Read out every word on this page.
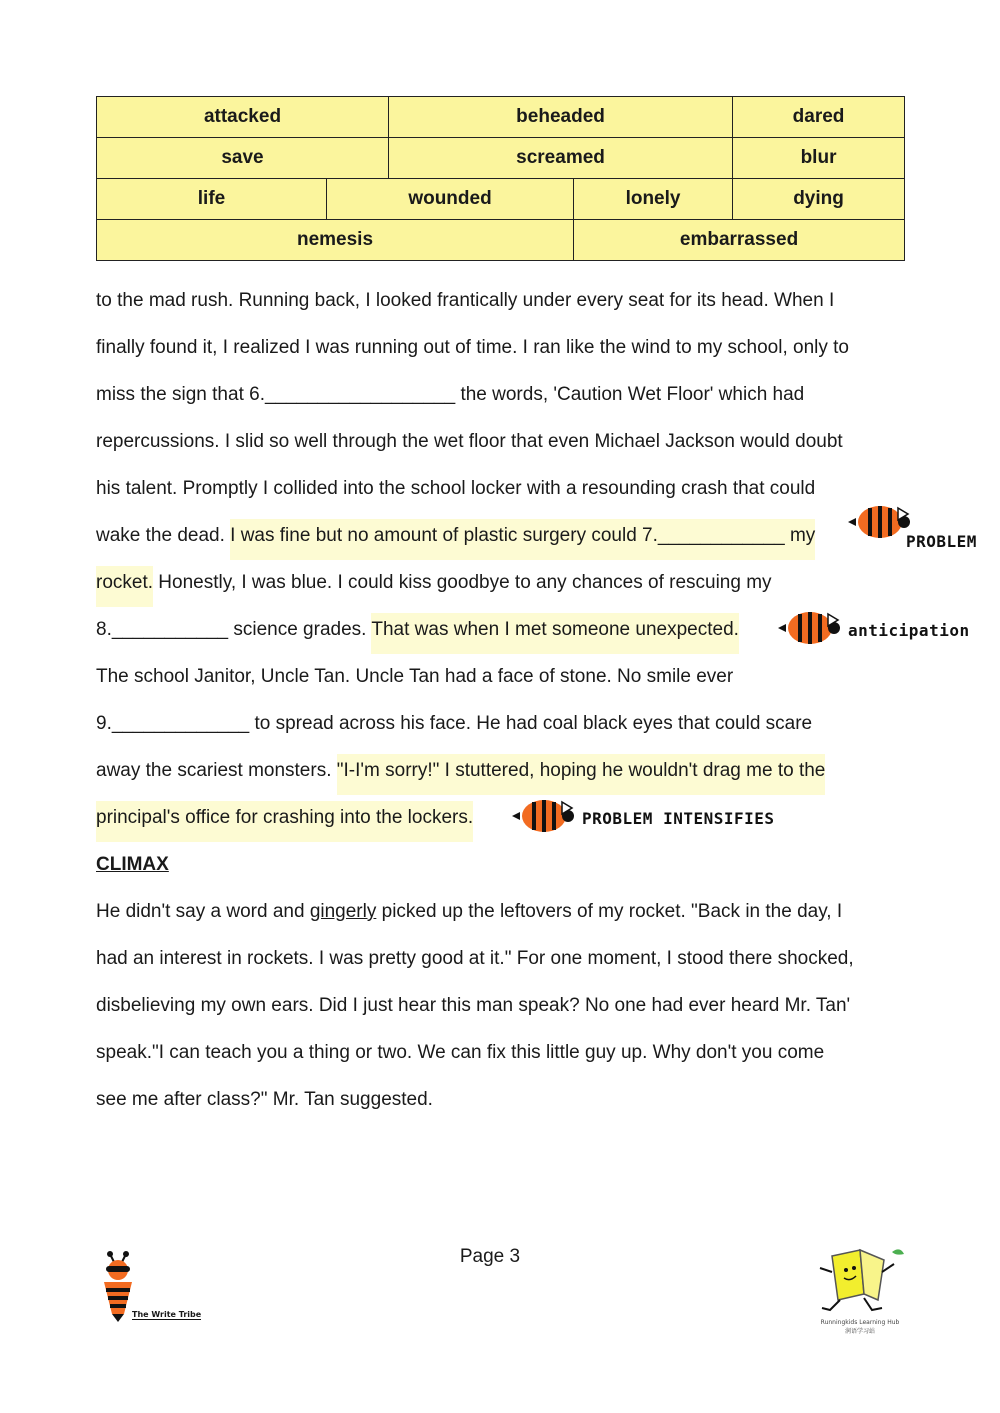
attacked		beheaded		dared
save		screamed		blur
life	wounded		lonely	dying
nemesis			embarrassed	
to the mad rush. Running back, I looked frantically under every seat for its head. When I
finally found it, I realized I was running out of time. I ran like the wind to my school, only to
miss the sign that 6.__________________ the words, 'Caution Wet Floor' which had
repercussions. I slid so well through the wet floor that even Michael Jackson would doubt
his talent. Promptly I collided into the school locker with a resounding crash that could
wake the dead. I was fine but no amount of plastic surgery could 7.____________ my
rocket. Honestly, I was blue. I could kiss goodbye to any chances of rescuing my
8.___________ science grades. That was when I met someone unexpected.
The school Janitor, Uncle Tan. Uncle Tan had a face of stone. No smile ever
9._____________ to spread across his face. He had coal black eyes that could scare
away the scariest monsters. "I-I'm sorry!" I stuttered, hoping he wouldn't drag me to the
principal's office for crashing into the lockers.
CLIMAX
He didn't say a word and gingerly picked up the leftovers of my rocket. "Back in the day, I
had an interest in rockets. I was pretty good at it." For one moment, I stood there shocked,
disbelieving my own ears. Did I just hear this man speak? No one had ever heard Mr. Tan'
speak."I can teach you a thing or two. We can fix this little guy up. Why don't you come
see me after class?" Mr. Tan suggested.
PROBLEM
anticipation
PROBLEM INTENSIFIES
Page 3
The Write Tribe
Runningkids Learning Hub
润语学习站
